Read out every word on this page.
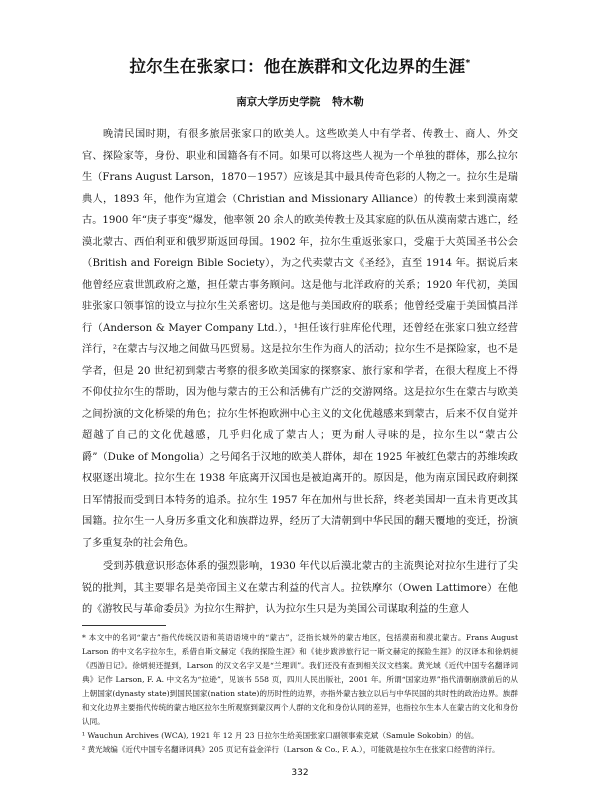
拉尔生在张家口：他在族群和文化边界的生涯*
南京大学历史学院 特木勒

晚清民国时期，有很多旅居张家口的欧美人。这些欧美人中有学者、传教士、商人、外交官、探险家等，身份、职业和国籍各有不同。如果可以将这些人视为一个单独的群体，那么拉尔生（Frans August Larson，1870－1957）应该是其中最具传奇色彩的人物之一。拉尔生是瑞典人，1893 年，他作为宣道会（Christian and Missionary Alliance）的传教士来到漠南蒙古。1900 年“庚子事变”爆发，他率领 20 余人的欧美传教士及其家庭的队伍从漠南蒙古逃亡，经漠北蒙古、西伯利亚和俄罗斯返回母国。1902 年，拉尔生重返张家口，受雇于大英国圣书公会（British and Foreign Bible Society），为之代卖蒙古文《圣经》，直至 1914 年。据说后来他曾经应袁世凯政府之邀，担任蒙古事务顾问。这是他与北洋政府的关系；1920 年代初，美国驻张家口领事馆的设立与拉尔生关系密切。这是他与美国政府的联系；他曾经受雇于美国慎昌洋行（Anderson & Mayer Company Ltd.），¹担任该行驻库伦代理，还曾经在张家口独立经营洋行，²在蒙古与汉地之间做马匹贸易。这是拉尔生作为商人的活动；拉尔生不是探险家，也不是学者，但是 20 世纪初到蒙古考察的很多欧美国家的探察家、旅行家和学者，在很大程度上不得不仰仗拉尔生的帮助，因为他与蒙古的王公和活佛有广泛的交游网络。这是拉尔生在蒙古与欧美之间扮演的文化桥梁的角色；拉尔生怀抱欧洲中心主义的文化优越感来到蒙古，后来不仅自觉并超越了自己的文化优越感，几乎归化成了蒙古人；更为耐人寻味的是，拉尔生以“蒙古公爵”（Duke of Mongolia）之号闻名于汉地的欧美人群体，却在 1925 年被红色蒙古的苏维埃政权驱逐出境北。拉尔生在 1938 年底离开汉国也是被迫离开的。原因是，他为南京国民政府刺探日军情报而受到日本特务的追杀。拉尔生 1957 年在加州与世长辞，终老美国却一直未肯更改其国籍。拉尔生一人身历多重文化和族群边界，经历了大清朝到中华民国的翻天覆地的变迁，扮演了多重复杂的社会角色。

受到苏俄意识形态体系的强烈影响，1930 年代以后漠北蒙古的主流舆论对拉尔生进行了尖锐的批判，其主要罪名是美帝国主义在蒙古利益的代言人。拉铁摩尔（Owen Lattimore）在他的《游牧民与革命委员》为拉尔生辩护，认为拉尔生只是为美国公司谋取利益的生意人

* 本文中的名词“蒙古”指代传统汉语和英语语境中的“蒙古”，泛指长城外的蒙古地区，包括漠南和漠北蒙古。Frans August Larson 的中文名字拉尔生，系借自斯文赫定《我的探险生涯》和《徒步跋涉旅行记一斯文赫定的探险生涯》的汉译本和徐炳昶《西游日记》。徐炳昶还提到，Larson 的汉文名字又是“兰理训”。我们还没有查到相关汉文档案。黄光域《近代中国专名翻译词典》记作 Larson, F. A. 中文名为“拉逊”，见该书 558 页，四川人民出版社，2001 年。所谓“国家边界”指代清朝崩溃前后的从上朝国家(dynasty state)到国民国家(nation state)的历时性的边界，亦指外蒙古独立以后与中华民国的共时性的政治边界。族群和文化边界主要指代传统的蒙古地区拉尔生所观察到蒙汉两个人群的文化和身份认同的差异，也指拉尔生本人在蒙古的文化和身份认同。

¹ Wauchun Archives (WCA), 1921 年 12 月 23 日拉尔生给美国张家口副领事索克斌（Samule Sokobin）的信。

² 黄光域编《近代中国专名翻译词典》205 页记有益金洋行（Larson & Co., F. A.），可能就是拉尔生在张家口经营的洋行。

332
